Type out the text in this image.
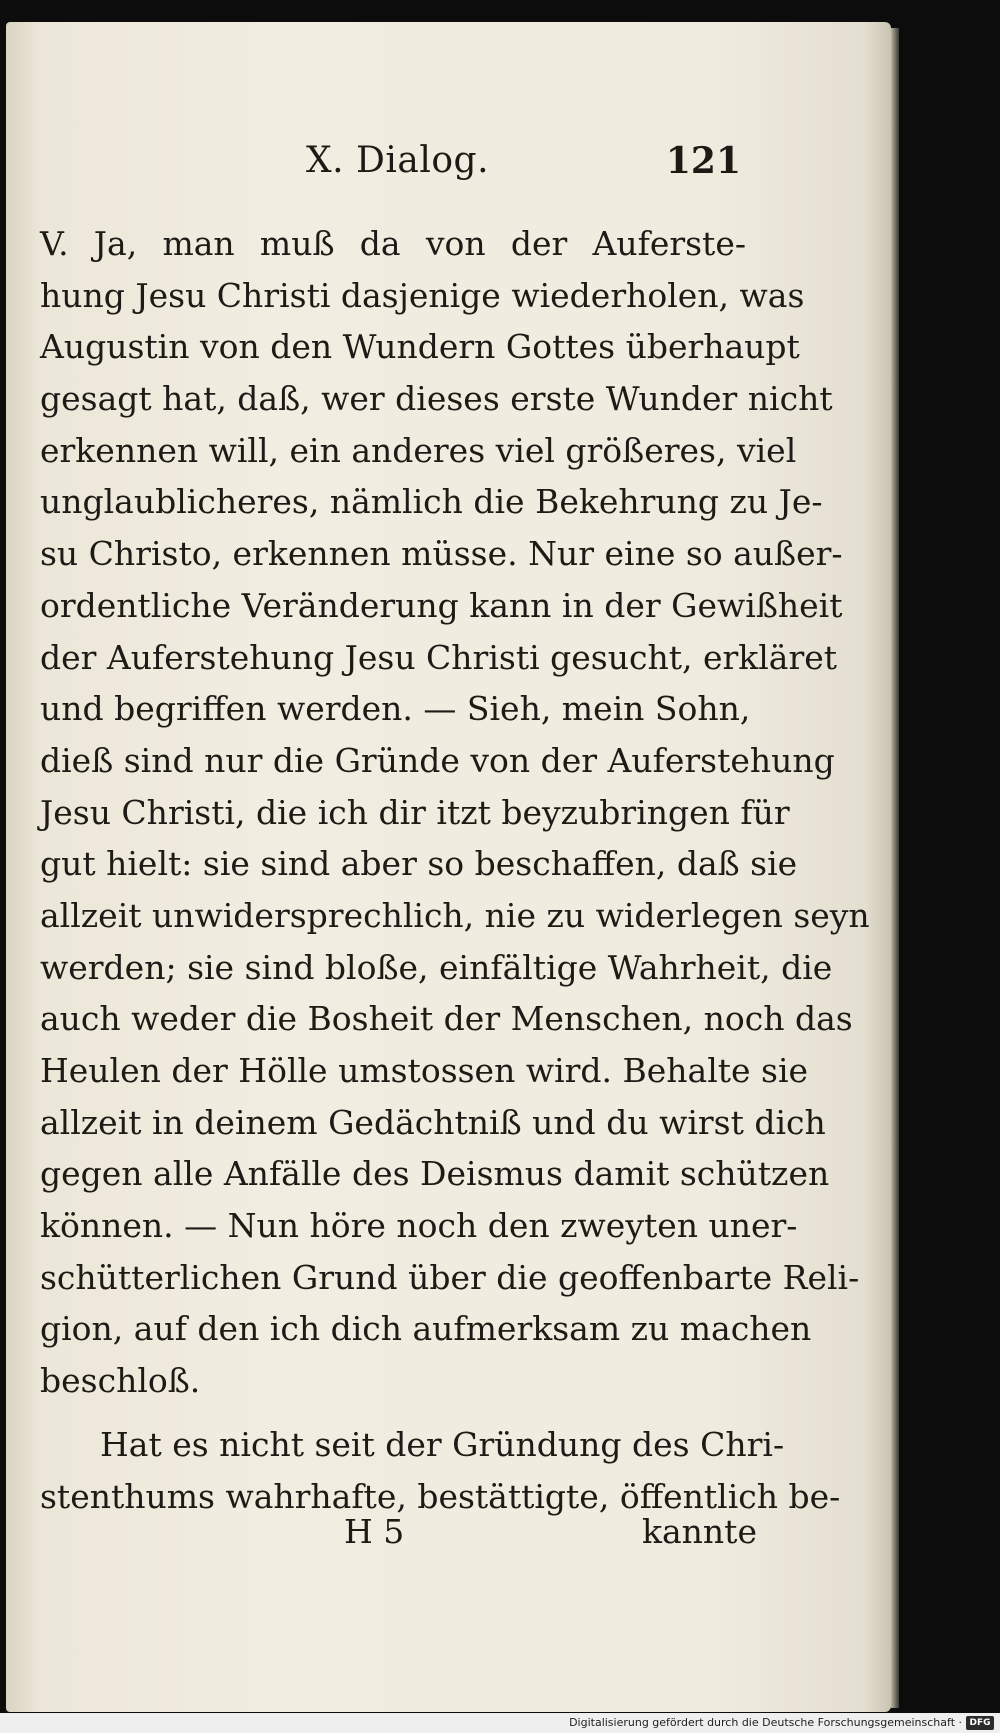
X. Dialog.	121
V. Ja, man muß da von der Auferste-
hung Jesu Christi dasjenige wiederholen, was
Augustin von den Wundern Gottes überhaupt
gesagt hat, daß, wer dieses erste Wunder nicht
erkennen will, ein anderes viel größeres, viel
unglaublicheres, nämlich die Bekehrung zu Je-
su Christo, erkennen müsse. Nur eine so außer-
ordentliche Veränderung kann in der Gewißheit
der Auferstehung Jesu Christi gesucht, erkläret
und begriffen werden. — Sieh, mein Sohn,
dieß sind nur die Gründe von der Auferstehung
Jesu Christi, die ich dir itzt beyzubringen für
gut hielt: sie sind aber so beschaffen, daß sie
allzeit unwidersprechlich, nie zu widerlegen seyn
werden; sie sind bloße, einfältige Wahrheit, die
auch weder die Bosheit der Menschen, noch das
Heulen der Hölle umstossen wird. Behalte sie
allzeit in deinem Gedächtniß und du wirst dich
gegen alle Anfälle des Deismus damit schützen
können. — Nun höre noch den zweyten uner-
schütterlichen Grund über die geoffenbarte Reli-
gion, auf den ich dich aufmerksam zu machen
beschloß.
Hat es nicht seit der Gründung des Chri-
stenthums wahrhafte, bestättigte, öffentlich be-
H 5	kannte
Digitalisierung gefördert durch die Deutsche Forschungsgemeinschaft · DFG
